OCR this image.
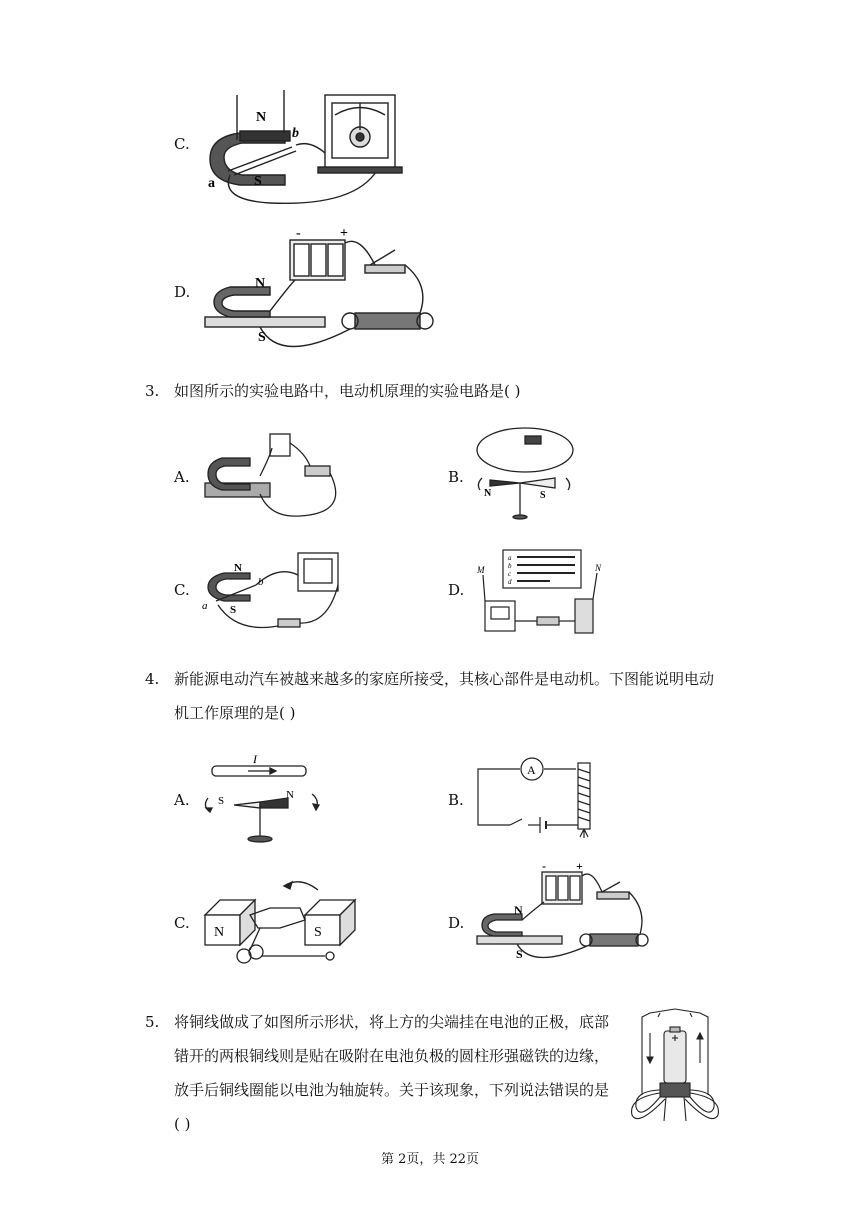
C.
N
S
a
b
D.
-	+
N
S
3. 如图所示的实验电路中，电动机原理的实验电路是( )
A.	B.
N	S
C.
N
S
a
b	D.
M	N
a
b
c
d
4. 新能源电动汽车被越来越多的家庭所接受，其核心部件是电动机。下图能说明电动
机工作原理的是( )
A.
I
S	N	B.
A
C.
N	S
D.
-	+
N
S
5. 将铜线做成了如图所示形状，将上方的尖端挂在电池的正极，底部
错开的两根铜线则是贴在吸附在电池负极的圆柱形强磁铁的边缘，
放手后铜线圈能以电池为轴旋转。关于该现象，下列说法错误的是
( )
第 2页，共 22页
